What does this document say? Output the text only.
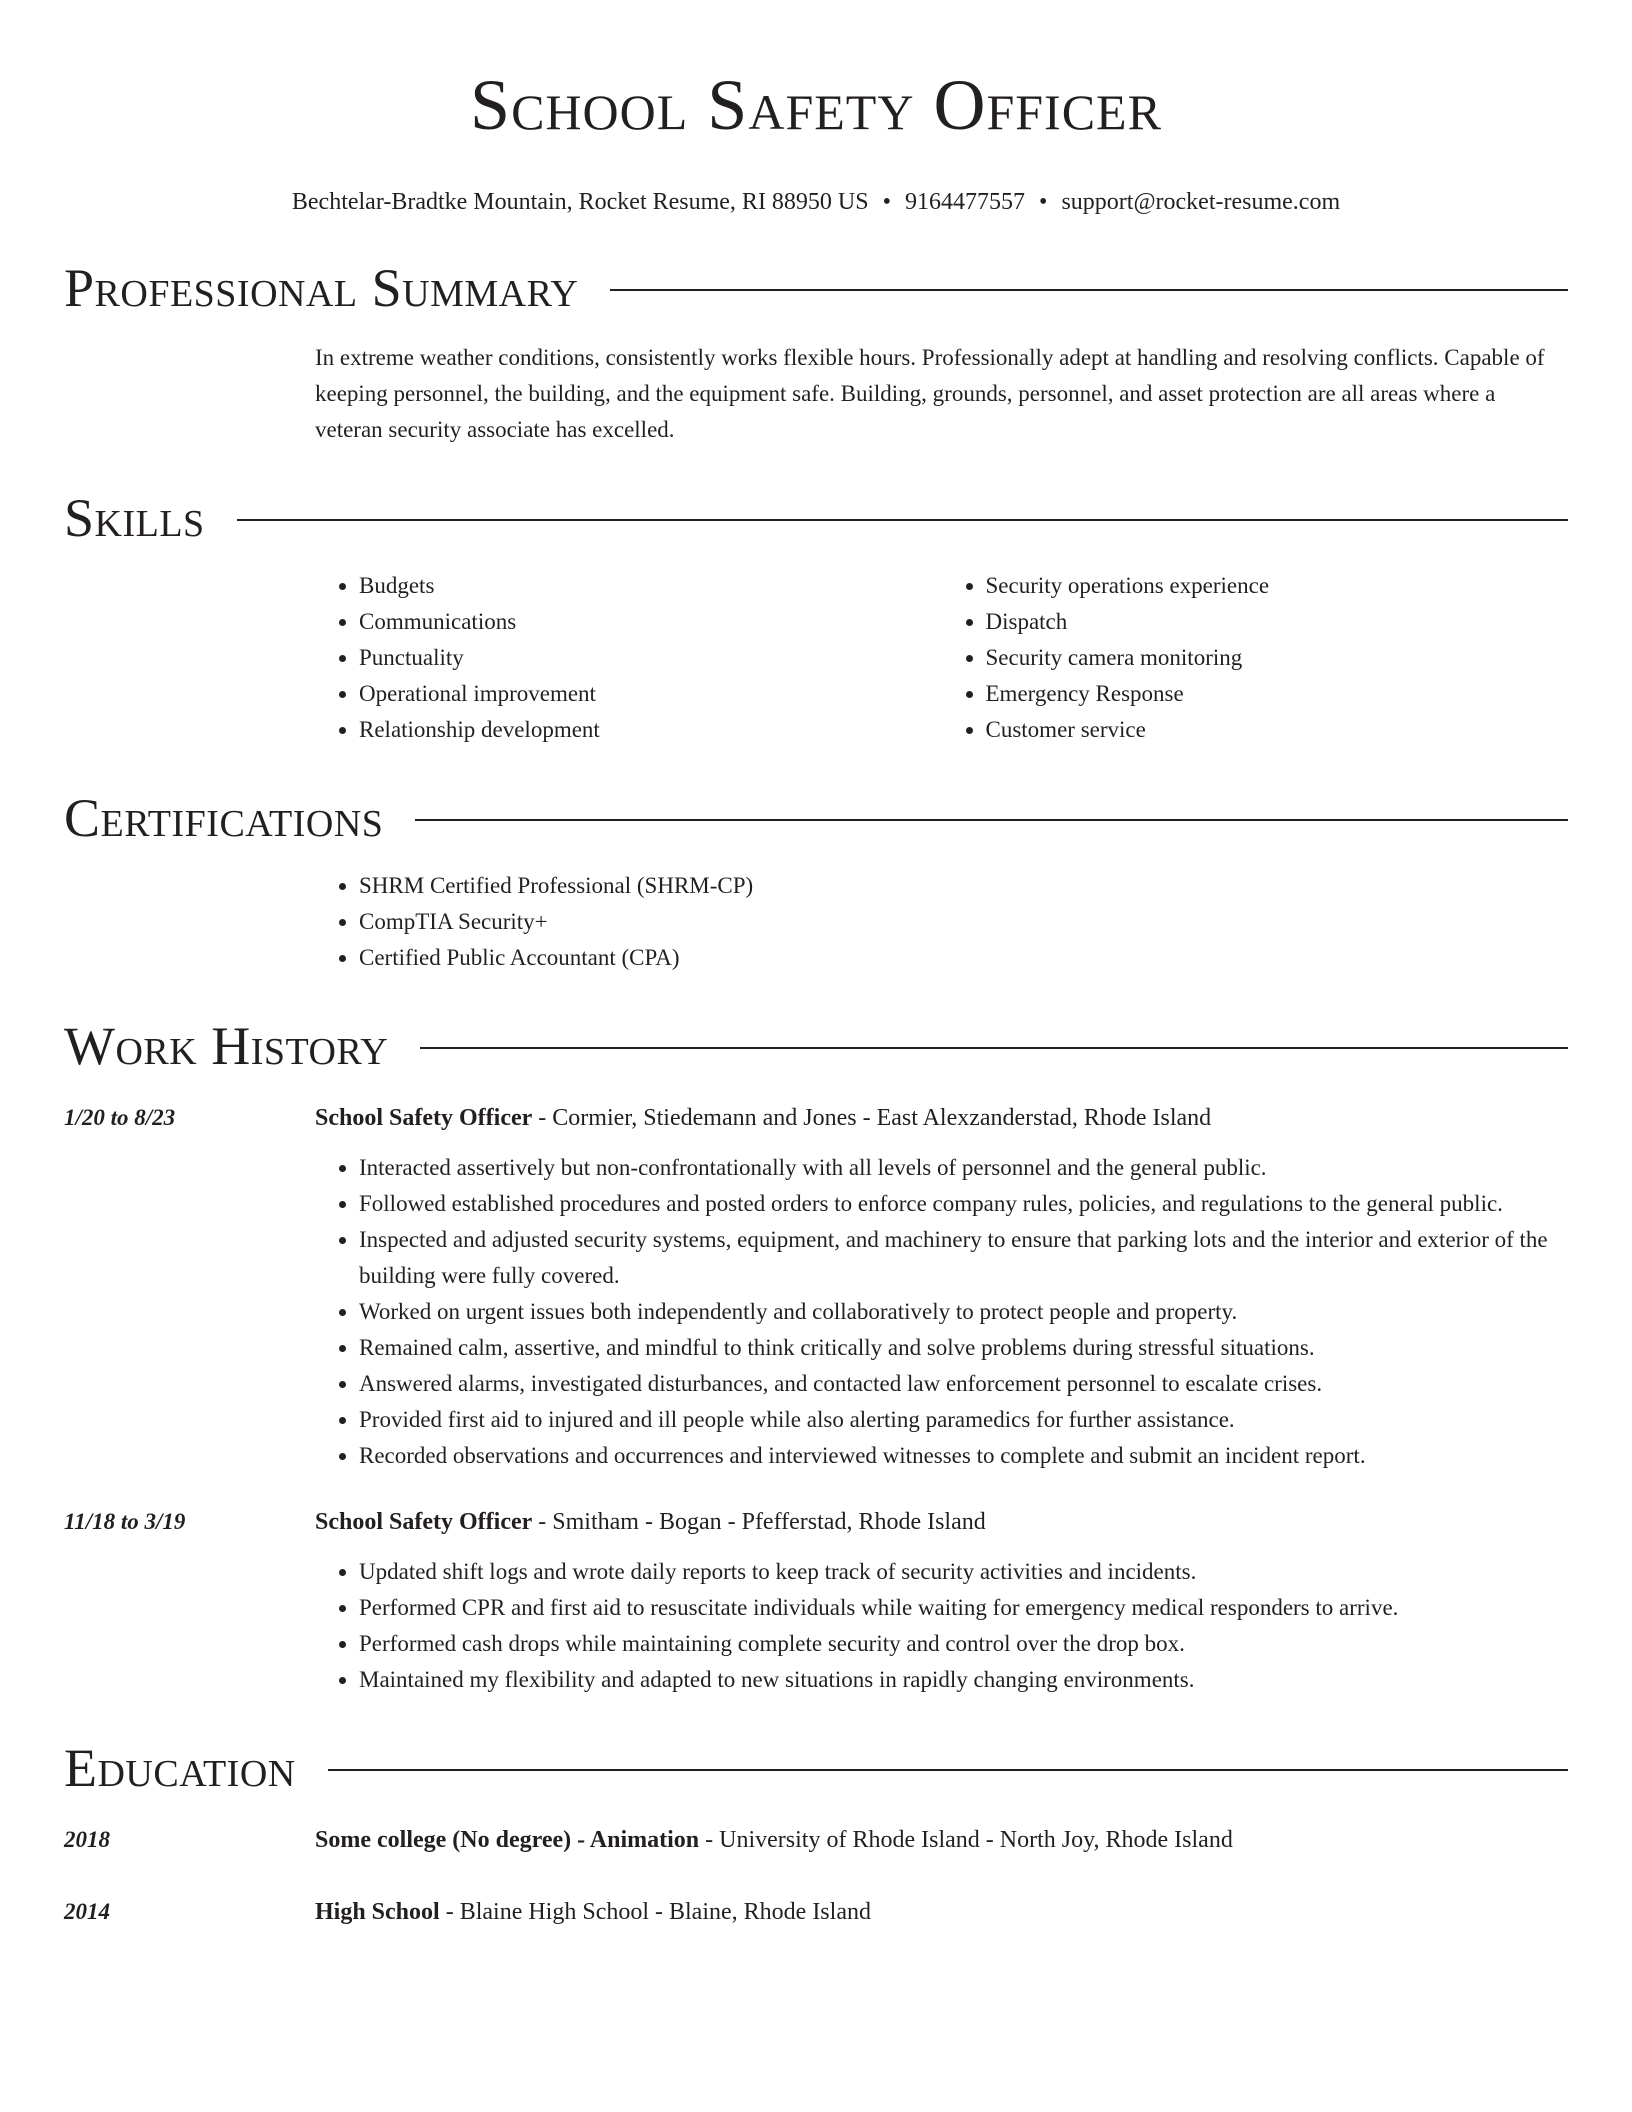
School Safety Officer
Bechtelar-Bradtke Mountain, Rocket Resume, RI 88950 US • 9164477557 • support@rocket-resume.com
Professional Summary
In extreme weather conditions, consistently works flexible hours. Professionally adept at handling and resolving conflicts. Capable of keeping personnel, the building, and the equipment safe. Building, grounds, personnel, and asset protection are all areas where a veteran security associate has excelled.
Skills
• Budgets
• Communications
• Punctuality
• Operational improvement
• Relationship development
• Security operations experience
• Dispatch
• Security camera monitoring
• Emergency Response
• Customer service
Certifications
• SHRM Certified Professional (SHRM-CP)
• CompTIA Security+
• Certified Public Accountant (CPA)
Work History
1/20 to 8/23	School Safety Officer - Cormier, Stiedemann and Jones - East Alexzanderstad, Rhode Island
• Interacted assertively but non-confrontationally with all levels of personnel and the general public.
• Followed established procedures and posted orders to enforce company rules, policies, and regulations to the general public.
• Inspected and adjusted security systems, equipment, and machinery to ensure that parking lots and the interior and exterior of the building were fully covered.
• Worked on urgent issues both independently and collaboratively to protect people and property.
• Remained calm, assertive, and mindful to think critically and solve problems during stressful situations.
• Answered alarms, investigated disturbances, and contacted law enforcement personnel to escalate crises.
• Provided first aid to injured and ill people while also alerting paramedics for further assistance.
• Recorded observations and occurrences and interviewed witnesses to complete and submit an incident report.
11/18 to 3/19	School Safety Officer - Smitham - Bogan - Pfefferstad, Rhode Island
• Updated shift logs and wrote daily reports to keep track of security activities and incidents.
• Performed CPR and first aid to resuscitate individuals while waiting for emergency medical responders to arrive.
• Performed cash drops while maintaining complete security and control over the drop box.
• Maintained my flexibility and adapted to new situations in rapidly changing environments.
Education
2018	Some college (No degree) - Animation - University of Rhode Island - North Joy, Rhode Island
2014	High School - Blaine High School - Blaine, Rhode Island
